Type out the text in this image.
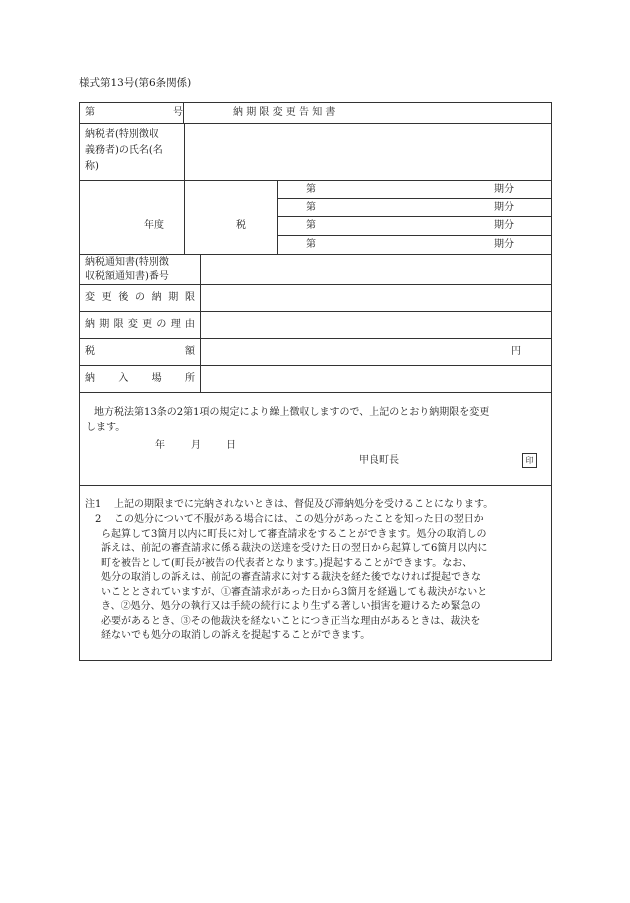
様式第13号(第6条関係)
第	号	納期限変更告知書
納税者(特別徴収
義務者)の氏名(名
称)
年度	税
第	期分
第	期分
第	期分
第	期分
納税通知書(特別徴
収税額通知書)番号
変 更 後 の 納 期 限
納 期 限 変 更 の 理 由
税	額	円
納 入 場 所
地方税法第13条の2第1項の規定により繰上徴収しますので、上記のとおり納期限を変更
します。
年	月	日
甲良町長	印
注1 上記の期限までに完納されないときは、督促及び滞納処分を受けることになります。
2	この処分について不服がある場合には、この処分があったことを知った日の翌日か
ら起算して3箇月以内に町長に対して審査請求をすることができます。処分の取消しの
訴えは、前記の審査請求に係る裁決の送達を受けた日の翌日から起算して6箇月以内に
町を被告として(町長が被告の代表者となります。)提起することができます。なお、
処分の取消しの訴えは、前記の審査請求に対する裁決を経た後でなければ提起できな
いこととされていますが、①審査請求があった日から3箇月を経過しても裁決がないと
き、②処分、処分の執行又は手続の続行により生ずる著しい損害を避けるため緊急の
必要があるとき、③その他裁決を経ないことにつき正当な理由があるときは、裁決を
経ないでも処分の取消しの訴えを提起することができます。
